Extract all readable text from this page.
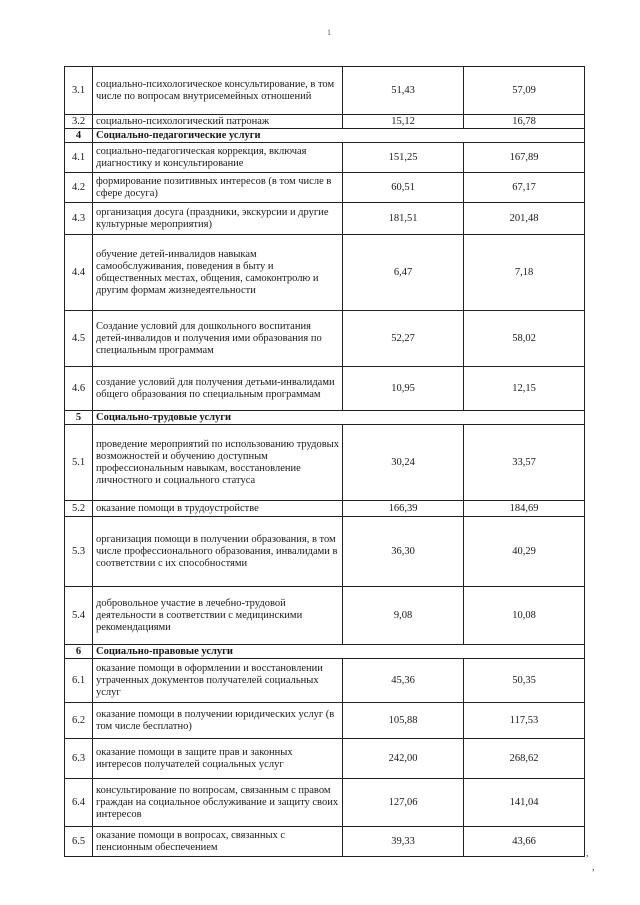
1
3.1	социально-психологическое консультирование, в том числе по вопросам внутрисемейных отношений	51,43	57,09
3.2	социально-психологический патронаж	15,12	16,78
4	Социально-педагогические услуги		
4.1	социально-педагогическая коррекция, включая диагностику и консультирование	151,25	167,89
4.2	формирование позитивных интересов (в том числе в сфере досуга)	60,51	67,17
4.3	организация досуга (праздники, экскурсии и другие культурные мероприятия)	181,51	201,48
4.4	обучение детей-инвалидов навыкам самообслуживания, поведения в быту и общественных местах, общения, самоконтролю и другим формам жизнедеятельности	6,47	7,18
4.5	Создание условий для дошкольного воспитания детей-инвалидов и получения ими образования по специальным программам	52,27	58,02
4.6	создание условий для получения детьми-инвалидами общего образования по специальным программам	10,95	12,15
5	Социально-трудовые услуги		
5.1	проведение мероприятий по использованию трудовых возможностей и обучению доступным профессиональным навыкам, восстановление личностного и социального статуса	30,24	33,57
5.2	оказание помощи в трудоустройстве	166,39	184,69
5.3	организация помощи в получении образования, в том числе профессионального образования, инвалидами в соответствии с их способностями	36,30	40,29
5.4	добровольное участие в лечебно-трудовой деятельности в соответствии с медицинскими рекомендациями	9,08	10,08
6	Социально-правовые услуги		
6.1	оказание помощи в оформлении и восстановлении утраченных документов получателей социальных услуг	45,36	50,35
6.2	оказание помощи в получении юридических услуг (в том числе бесплатно)	105,88	117,53
6.3	оказание помощи в защите прав и законных интересов получателей социальных услуг	242,00	268,62
6.4	консультирование по вопросам, связанным с правом граждан на социальное обслуживание и защиту своих интересов	127,06	141,04
6.5	оказание помощи в вопросах, связанных с пенсионным обеспечением	39,33	43,66
,
,
